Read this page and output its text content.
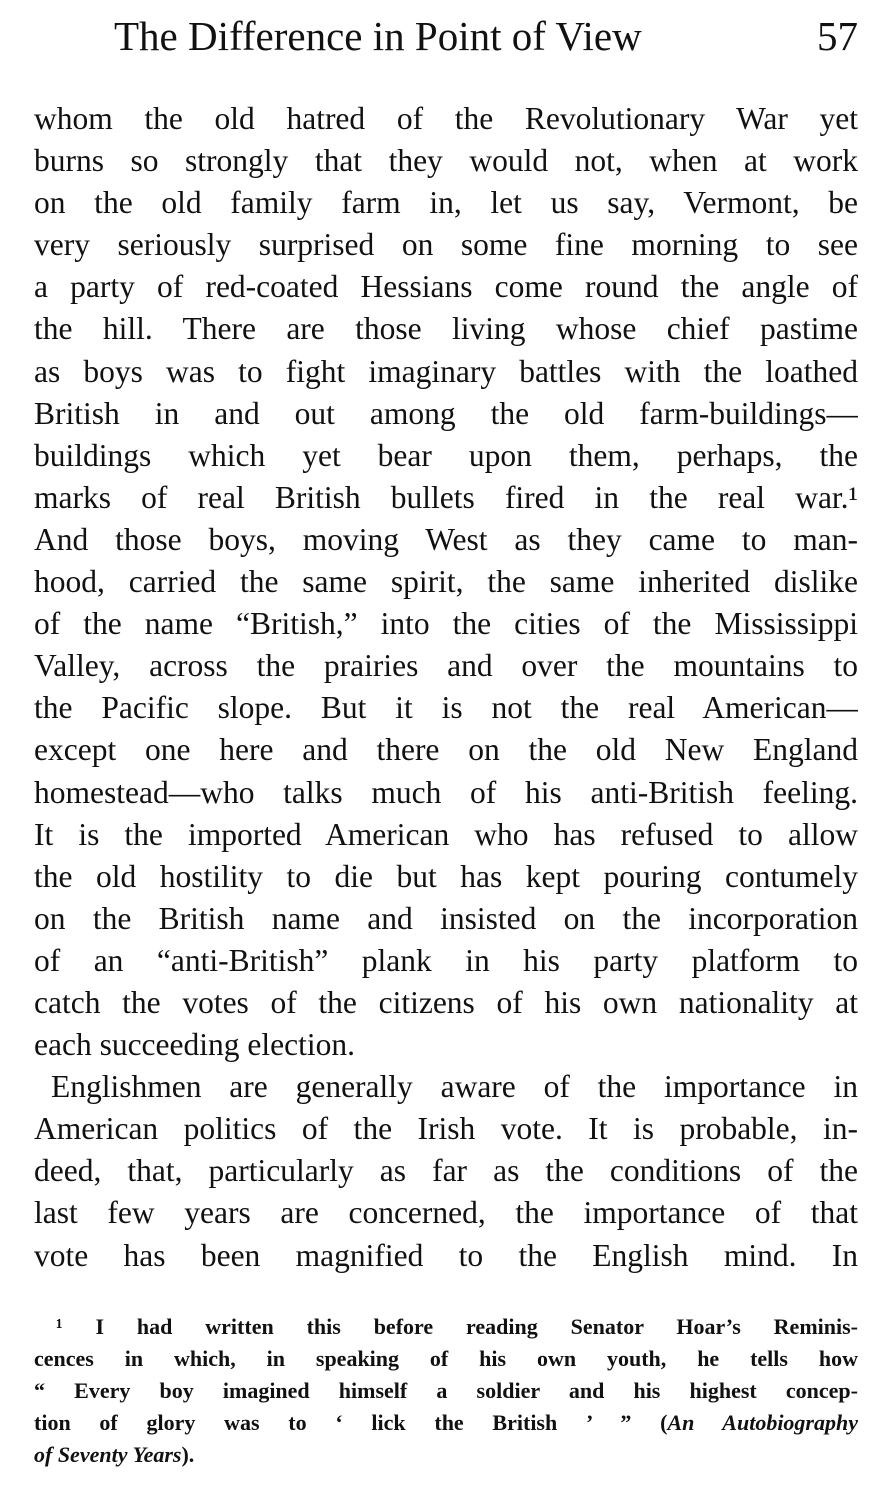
The Difference in Point of View	57
whom the old hatred of the Revolutionary War yet
burns so strongly that they would not, when at work
on the old family farm in, let us say, Vermont, be
very seriously surprised on some fine morning to see
a party of red-coated Hessians come round the angle of
the hill. There are those living whose chief pastime
as boys was to fight imaginary battles with the loathed
British in and out among the old farm-buildings—
buildings which yet bear upon them, perhaps, the
marks of real British bullets fired in the real war.¹
And those boys, moving West as they came to man-
hood, carried the same spirit, the same inherited dislike
of the name “British,” into the cities of the Mississippi
Valley, across the prairies and over the mountains to
the Pacific slope. But it is not the real American—
except one here and there on the old New England
homestead—who talks much of his anti-British feeling.
It is the imported American who has refused to allow
the old hostility to die but has kept pouring contumely
on the British name and insisted on the incorporation
of an “anti-British” plank in his party platform to
catch the votes of the citizens of his own nationality at
each succeeding election.
Englishmen are generally aware of the importance in
American politics of the Irish vote. It is probable, in-
deed, that, particularly as far as the conditions of the
last few years are concerned, the importance of that
vote has been magnified to the English mind. In
¹ I had written this before reading Senator Hoar’s Reminis-
cences in which, in speaking of his own youth, he tells how
“ Every boy imagined himself a soldier and his highest concep-
tion of glory was to ‘ lick the British ’ ” (An Autobiography
of Seventy Years).
